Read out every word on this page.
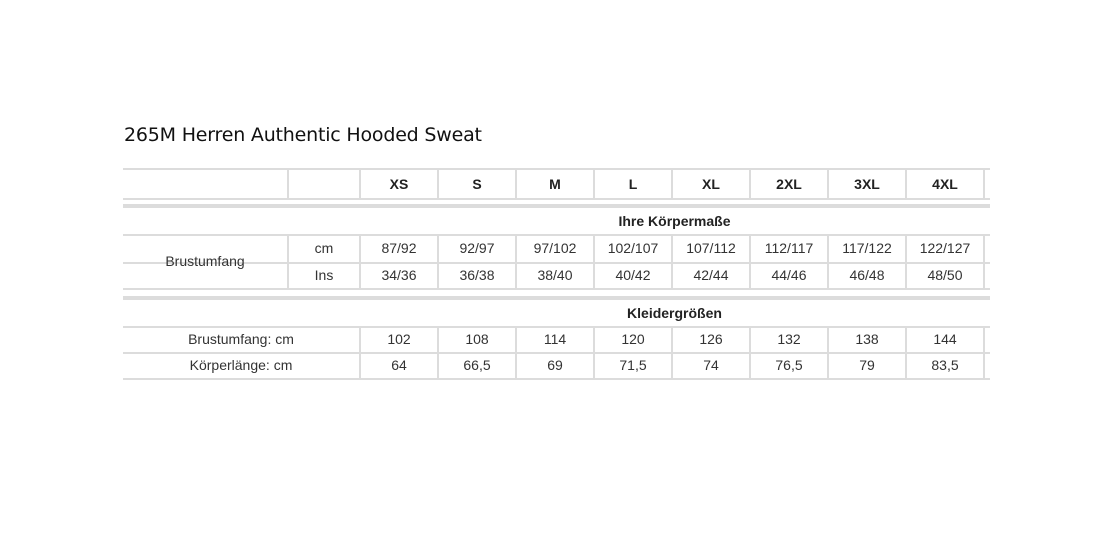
265M Herren Authentic Hooded Sweat
XS	S	M	L	XL	2XL	3XL	4XL
Ihre Körpermaße
cm	87/92	92/97	97/102	102/107	107/112	112/117	117/122	122/127
Ins	34/36	36/38	38/40	40/42	42/44	44/46	46/48	48/50
Brustumfang
Kleidergrößen
Brustumfang: cm	102	108	114	120	126	132	138	144
Körperlänge: cm	64	66,5	69	71,5	74	76,5	79	83,5
